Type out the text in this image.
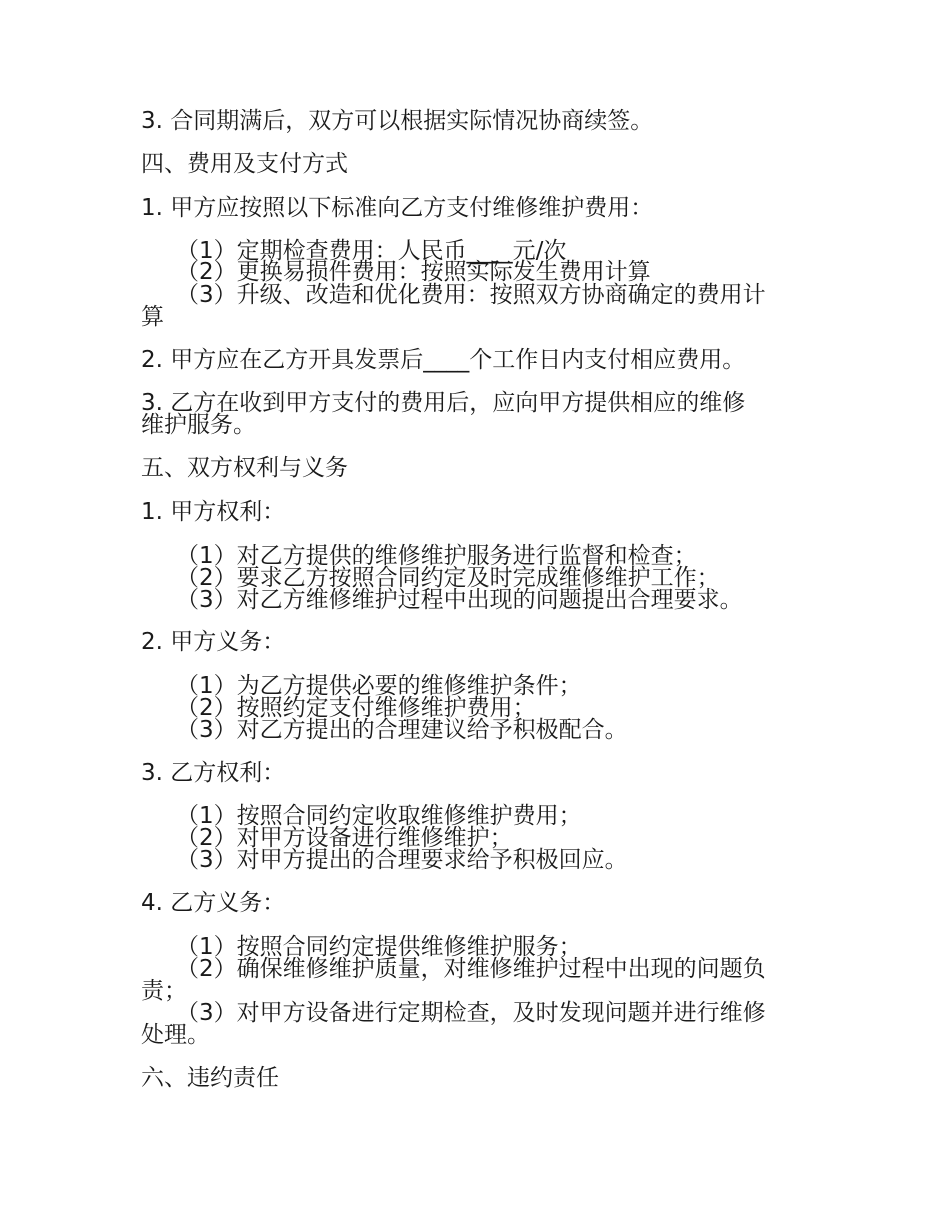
3. 合同期满后，双方可以根据实际情况协商续签。
四、费用及支付方式
1. 甲方应按照以下标准向乙方支付维修维护费用：
（1）定期检查费用：人民币____元/次
（2）更换易损件费用：按照实际发生费用计算
（3）升级、改造和优化费用：按照双方协商确定的费用计
算
2. 甲方应在乙方开具发票后____个工作日内支付相应费用。
3. 乙方在收到甲方支付的费用后，应向甲方提供相应的维修
维护服务。
五、双方权利与义务
1. 甲方权利：
（1）对乙方提供的维修维护服务进行监督和检查；
（2）要求乙方按照合同约定及时完成维修维护工作；
（3）对乙方维修维护过程中出现的问题提出合理要求。
2. 甲方义务：
（1）为乙方提供必要的维修维护条件；
（2）按照约定支付维修维护费用；
（3）对乙方提出的合理建议给予积极配合。
3. 乙方权利：
（1）按照合同约定收取维修维护费用；
（2）对甲方设备进行维修维护；
（3）对甲方提出的合理要求给予积极回应。
4. 乙方义务：
（1）按照合同约定提供维修维护服务；
（2）确保维修维护质量，对维修维护过程中出现的问题负
责；
（3）对甲方设备进行定期检查，及时发现问题并进行维修
处理。
六、违约责任
